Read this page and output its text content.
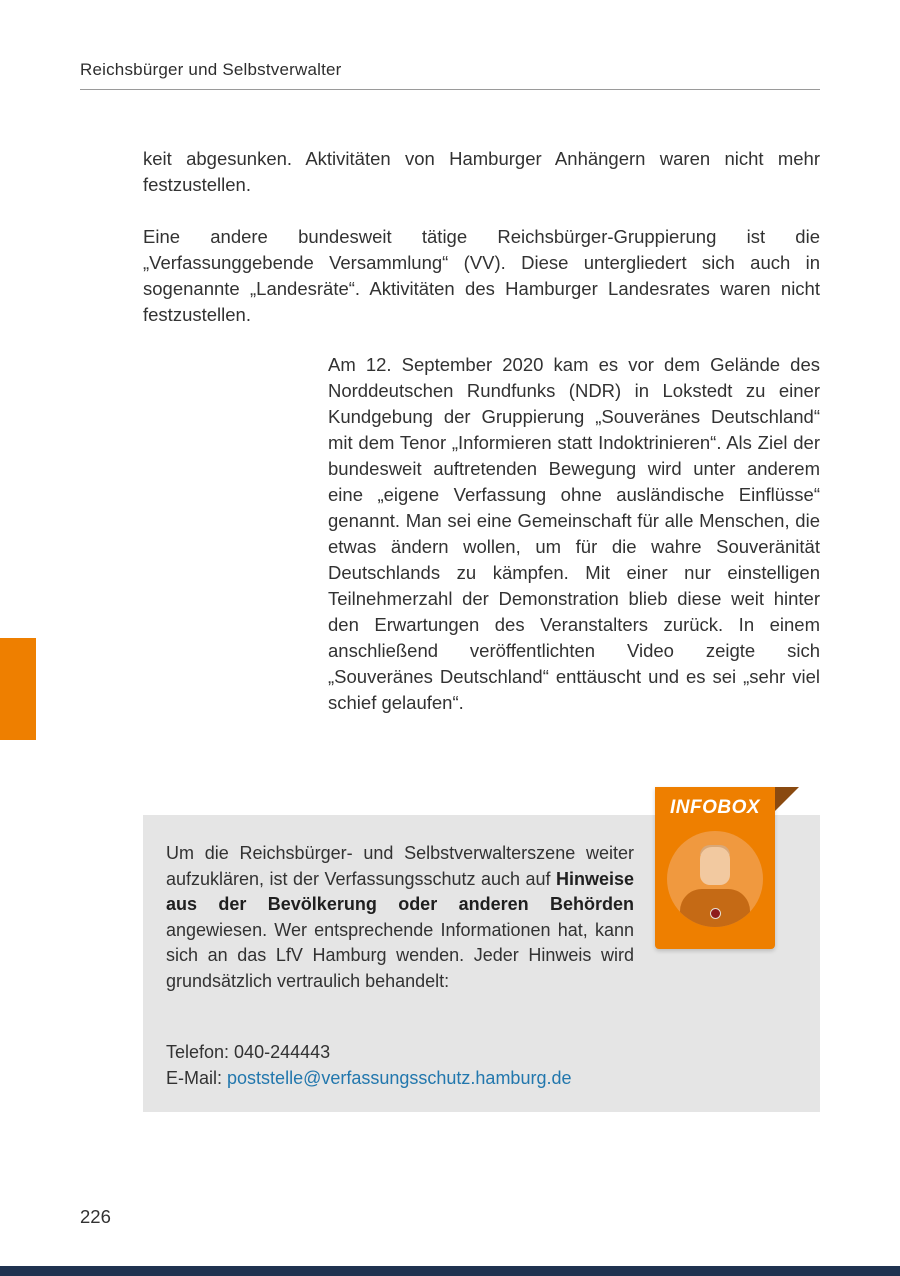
Reichsbürger und Selbstverwalter

keit abgesunken. Aktivitäten von Hamburger Anhängern waren nicht mehr festzustellen.

Eine andere bundesweit tätige Reichsbürger-Gruppierung ist die „Verfassunggebende Versammlung“ (VV). Diese untergliedert sich auch in sogenannte „Landesräte“. Aktivitäten des Hamburger Landesrates waren nicht festzustellen.

Am 12. September 2020 kam es vor dem Gelände des Norddeutschen Rundfunks (NDR) in Lokstedt zu einer Kundgebung der Gruppierung „Souveränes Deutschland“ mit dem Tenor „Informieren statt Indoktrinieren“. Als Ziel der bundesweit auftretenden Bewegung wird unter anderem eine „eigene Verfassung ohne ausländische Einflüsse“ genannt. Man sei eine Gemeinschaft für alle Menschen, die etwas ändern wollen, um für die wahre Souveränität Deutschlands zu kämpfen. Mit einer nur einstelligen Teilnehmerzahl der Demonstration blieb diese weit hinter den Erwartungen des Veranstalters zurück. In einem anschließend veröffentlichten Video zeigte sich „Souveränes Deutschland“ enttäuscht und es sei „sehr viel schief gelaufen“.

INFOBOX

Um die Reichsbürger- und Selbstverwalterszene weiter aufzuklären, ist der Verfassungsschutz auch auf Hinweise aus der Bevölkerung oder anderen Behörden angewiesen. Wer entsprechende Informationen hat, kann sich an das LfV Hamburg wenden. Jeder Hinweis wird grundsätzlich vertraulich behandelt:

Telefon: 040-244443
E-Mail: poststelle@verfassungsschutz.hamburg.de
226
